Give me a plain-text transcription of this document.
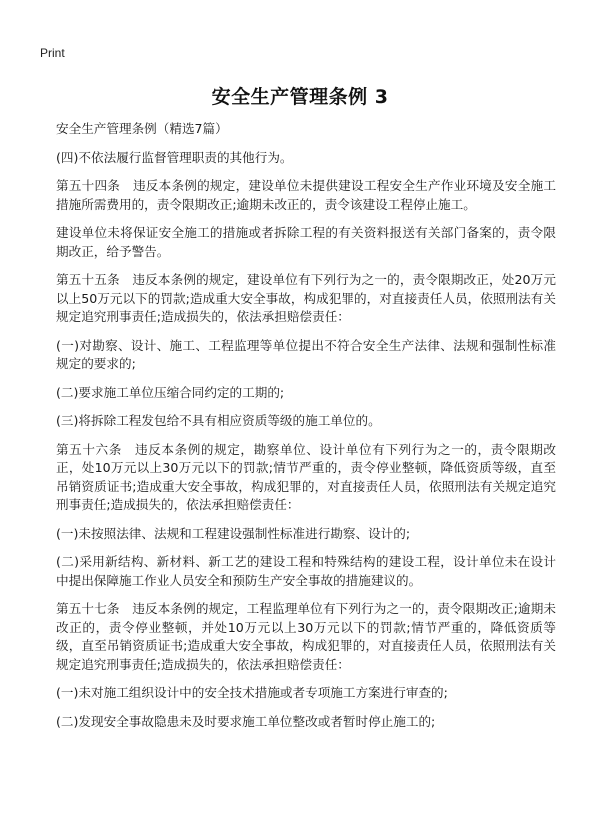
Print
安全生产管理条例 3

安全生产管理条例（精选7篇）

(四)不依法履行监督管理职责的其他行为。

第五十四条　违反本条例的规定，建设单位未提供建设工程安全生产作业环境及安全施工措施所需费用的，责令限期改正;逾期未改正的，责令该建设工程停止施工。

建设单位未将保证安全施工的措施或者拆除工程的有关资料报送有关部门备案的，责令限期改正，给予警告。

第五十五条　违反本条例的规定，建设单位有下列行为之一的，责令限期改正，处20万元以上50万元以下的罚款;造成重大安全事故，构成犯罪的，对直接责任人员，依照刑法有关规定追究刑事责任;造成损失的，依法承担赔偿责任：

(一)对勘察、设计、施工、工程监理等单位提出不符合安全生产法律、法规和强制性标准规定的要求的;

(二)要求施工单位压缩合同约定的工期的;

(三)将拆除工程发包给不具有相应资质等级的施工单位的。

第五十六条　违反本条例的规定，勘察单位、设计单位有下列行为之一的，责令限期改正，处10万元以上30万元以下的罚款;情节严重的，责令停业整顿，降低资质等级，直至吊销资质证书;造成重大安全事故，构成犯罪的，对直接责任人员，依照刑法有关规定追究刑事责任;造成损失的，依法承担赔偿责任：

(一)未按照法律、法规和工程建设强制性标准进行勘察、设计的;

(二)采用新结构、新材料、新工艺的建设工程和特殊结构的建设工程，设计单位未在设计中提出保障施工作业人员安全和预防生产安全事故的措施建议的。

第五十七条　违反本条例的规定，工程监理单位有下列行为之一的，责令限期改正;逾期未改正的，责令停业整顿，并处10万元以上30万元以下的罚款;情节严重的，降低资质等级，直至吊销资质证书;造成重大安全事故，构成犯罪的，对直接责任人员，依照刑法有关规定追究刑事责任;造成损失的，依法承担赔偿责任：

(一)未对施工组织设计中的安全技术措施或者专项施工方案进行审查的;

(二)发现安全事故隐患未及时要求施工单位整改或者暂时停止施工的;
